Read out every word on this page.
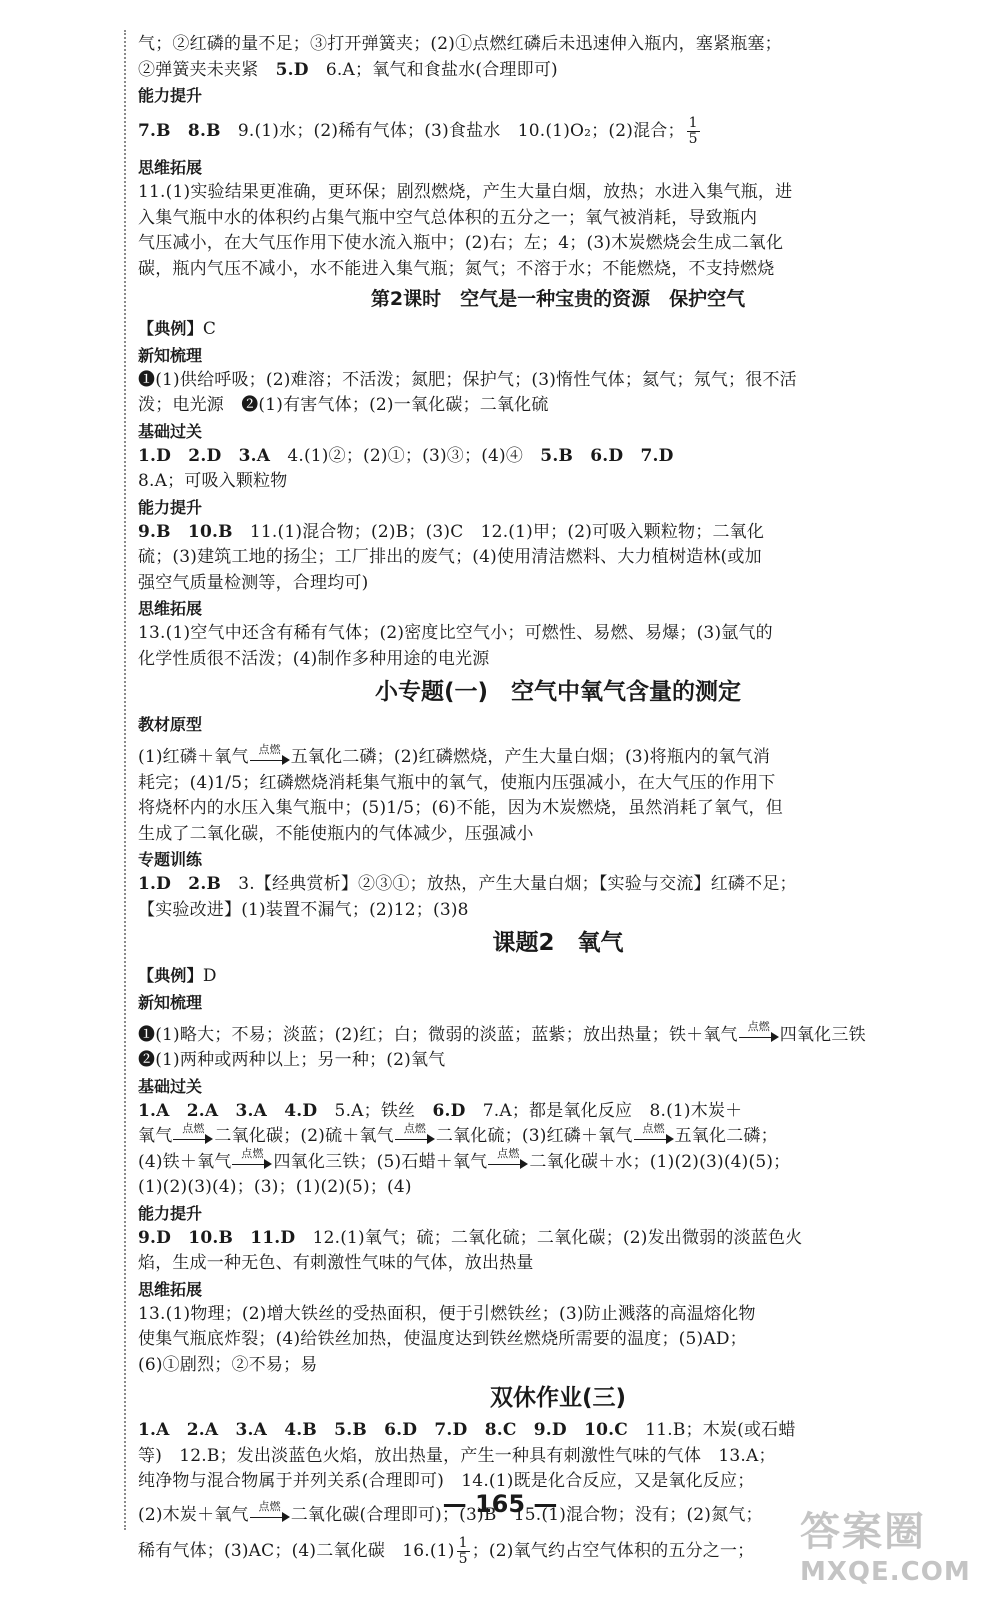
气；②红磷的量不足；③打开弹簧夹；(2)①点燃红磷后未迅速伸入瓶内，塞紧瓶塞；
②弹簧夹未夹紧　 5.D　 6.A；氧气和食盐水(合理即可)
能力提升
7.B　 8.B　 9.(1)水；(2)稀有气体；(3)食盐水　 10.(1)O₂；(2)混合； $\frac{1}{5}$
思维拓展
11.(1)实验结果更准确，更环保；剧烈燃烧，产生大量白烟，放热；水进入集气瓶，进
入集气瓶中水的体积约占集气瓶中空气总体积的五分之一；氧气被消耗，导致瓶内
气压减小，在大气压作用下使水流入瓶中；(2)右；左；4；(3)木炭燃烧会生成二氧化
碳，瓶内气压不减小，水不能进入集气瓶；氮气；不溶于水；不能燃烧，不支持燃烧
第2课时　空气是一种宝贵的资源　保护空气
【典例】C
新知梳理
❶(1)供给呼吸；(2)难溶；不活泼；氮肥；保护气；(3)惰性气体；氦气；氖气；很不活
泼；电光源　 ❷(1)有害气体；(2)一氧化碳；二氧化硫
基础过关
1.D　 2.D　 3.A　 4.(1)②；(2)①；(3)③；(4)④　 5.B　 6.D　 7.D
8.A；可吸入颗粒物
能力提升
9.B　 10.B　 11.(1)混合物；(2)B；(3)C　 12.(1)甲；(2)可吸入颗粒物；二氧化
硫；(3)建筑工地的扬尘；工厂排出的废气；(4)使用清洁燃料、大力植树造林(或加
强空气质量检测等，合理均可)
思维拓展
13.(1)空气中还含有稀有气体；(2)密度比空气小；可燃性、易燃、易爆；(3)氩气的
化学性质很不活泼；(4)制作多种用途的电光源
小专题(一)　空气中氧气含量的测定
教材原型
(1)红磷＋氧气 点燃 五氧化二磷；(2)红磷燃烧，产生大量白烟；(3)将瓶内的氧气消
耗完；(4)1/5；红磷燃烧消耗集气瓶中的氧气，使瓶内压强减小，在大气压的作用下
将烧杯内的水压入集气瓶中；(5)1/5；(6)不能，因为木炭燃烧，虽然消耗了氧气，但
生成了二氧化碳，不能使瓶内的气体减少，压强减小
专题训练
1.D　 2.B　 3.【经典赏析】②③①；放热，产生大量白烟；【实验与交流】红磷不足；
【实验改进】(1)装置不漏气；(2)12；(3)8
课题2　氧气
【典例】D
新知梳理
❶(1)略大；不易；淡蓝；(2)红；白；微弱的淡蓝；蓝紫；放出热量；铁＋氧气 点燃 四氧化三铁
❷(1)两种或两种以上；另一种；(2)氧气
基础过关
1.A　 2.A　 3.A　 4.D　 5.A；铁丝　 6.D　 7.A；都是氧化反应　 8.(1)木炭＋
氧气 点燃 二氧化碳；(2)硫＋氧气 点燃 二氧化硫；(3)红磷＋氧气 点燃 五氧化二磷；
(4)铁＋氧气 点燃 四氧化三铁；(5)石蜡＋氧气 点燃 二氧化碳＋水；(1)(2)(3)(4)(5)；
(1)(2)(3)(4)；(3)；(1)(2)(5)；(4)
能力提升
9.D　 10.B　 11.D　 12.(1)氧气；硫；二氧化硫；二氧化碳；(2)发出微弱的淡蓝色火
焰，生成一种无色、有刺激性气味的气体，放出热量
思维拓展
13.(1)物理；(2)增大铁丝的受热面积，便于引燃铁丝；(3)防止溅落的高温熔化物
使集气瓶底炸裂；(4)给铁丝加热，使温度达到铁丝燃烧所需要的温度；(5)AD；
(6)①剧烈；②不易；易
双休作业(三)
1.A　 2.A　 3.A　 4.B　 5.B　 6.D　 7.D　 8.C　 9.D　 10.C　 11.B；木炭(或石蜡
等)　 12.B；发出淡蓝色火焰，放出热量，产生一种具有刺激性气味的气体　 13.A；
纯净物与混合物属于并列关系(合理即可)　 14.(1)既是化合反应，又是氧化反应；
(2)木炭＋氧气 点燃 二氧化碳(合理即可)；(3)B　 15.(1)混合物；没有；(2)氮气；
稀有气体；(3)AC；(4)二氧化碳　 $16.(1) \frac{1}{5}$ ；(2)氧气约占空气体积的五分之一；
— 165 —
答案圈
MXQE.COM
